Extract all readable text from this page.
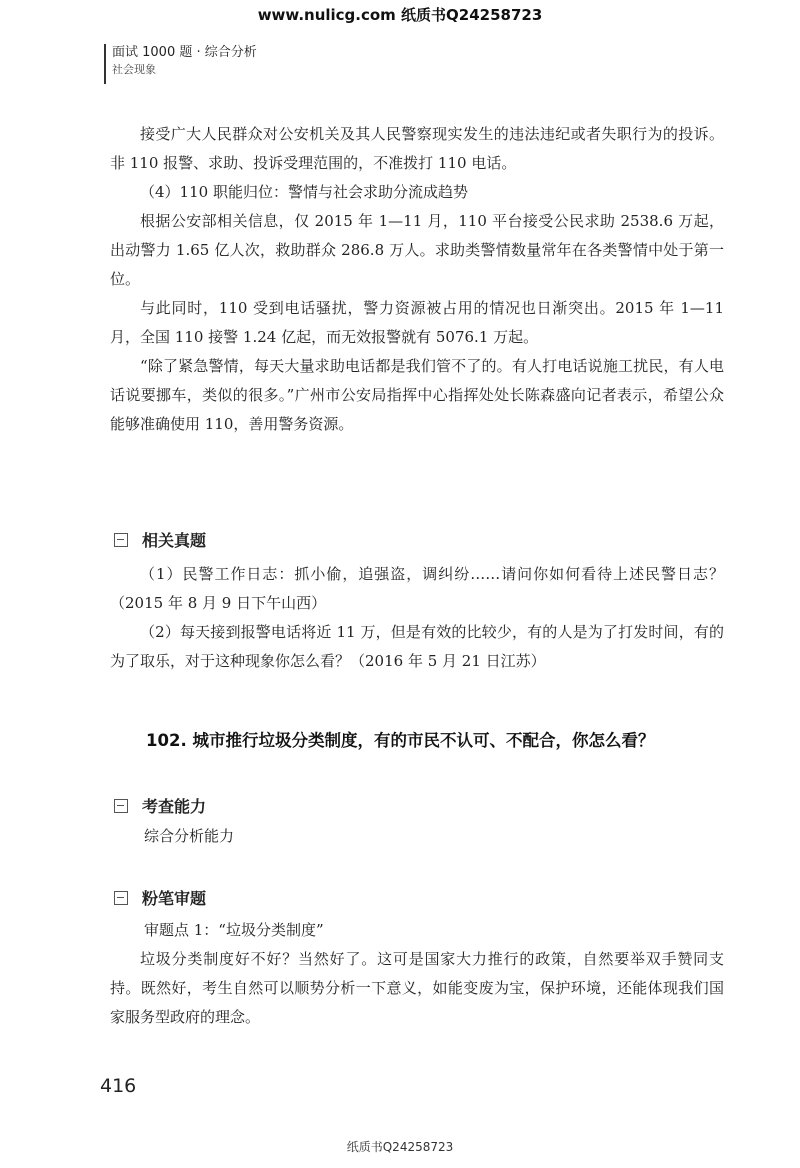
www.nulicg.com 纸质书Q24258723
面试 1000 题 · 综合分析
社会现象

接受广大人民群众对公安机关及其人民警察现实发生的违法违纪或者失职行为的投诉。非 110 报警、求助、投诉受理范围的，不准拨打 110 电话。

（4）110 职能归位：警情与社会求助分流成趋势

根据公安部相关信息，仅 2015 年 1—11 月，110 平台接受公民求助 2538.6 万起，出动警力 1.65 亿人次，救助群众 286.8 万人。求助类警情数量常年在各类警情中处于第一位。

与此同时，110 受到电话骚扰，警力资源被占用的情况也日渐突出。2015 年 1—11 月，全国 110 接警 1.24 亿起，而无效报警就有 5076.1 万起。

“除了紧急警情，每天大量求助电话都是我们管不了的。有人打电话说施工扰民，有人电话说要挪车，类似的很多。”广州市公安局指挥中心指挥处处长陈森盛向记者表示，希望公众能够准确使用 110，善用警务资源。

相关真题

（1）民警工作日志：抓小偷，追强盗，调纠纷……请问你如何看待上述民警日志？（2015 年 8 月 9 日下午山西）

（2）每天接到报警电话将近 11 万，但是有效的比较少，有的人是为了打发时间，有的为了取乐，对于这种现象你怎么看？（2016 年 5 月 21 日江苏）

102. 城市推行垃圾分类制度，有的市民不认可、不配合，你怎么看？
考查能力

综合分析能力

粉笔审题

审题点 1：“垃圾分类制度”

垃圾分类制度好不好？当然好了。这可是国家大力推行的政策，自然要举双手赞同支持。既然好，考生自然可以顺势分析一下意义，如能变废为宝，保护环境，还能体现我们国家服务型政府的理念。

416
纸质书Q24258723
